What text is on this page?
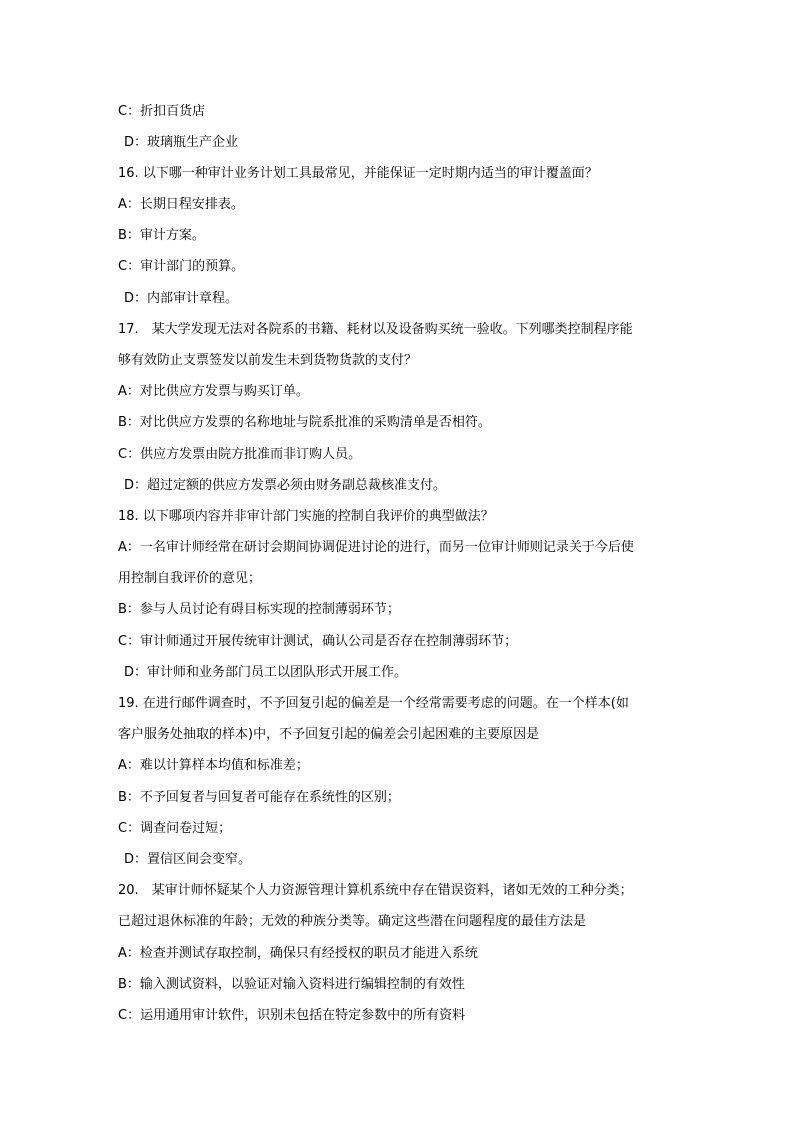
C：折扣百货店
D：玻璃瓶生产企业
16. 以下哪一种审计业务计划工具最常见，并能保证一定时期内适当的审计覆盖面？
A：长期日程安排表。
B：审计方案。
C：审计部门的预算。
D：内部审计章程。
17.　某大学发现无法对各院系的书籍、耗材以及设备购买统一验收。下列哪类控制程序能
够有效防止支票签发以前发生未到货物货款的支付？
A：对比供应方发票与购买订单。
B：对比供应方发票的名称地址与院系批准的采购清单是否相符。
C：供应方发票由院方批准而非订购人员。
D：超过定额的供应方发票必须由财务副总裁核准支付。
18. 以下哪项内容并非审计部门实施的控制自我评价的典型做法？
A：一名审计师经常在研讨会期间协调促进讨论的进行，而另一位审计师则记录关于今后使
用控制自我评价的意见；
B：参与人员讨论有碍目标实现的控制薄弱环节；
C：审计师通过开展传统审计测试，确认公司是否存在控制薄弱环节；
D：审计师和业务部门员工以团队形式开展工作。
19. 在进行邮件调查时，不予回复引起的偏差是一个经常需要考虑的问题。在一个样本(如
客户服务处抽取的样本)中，不予回复引起的偏差会引起困难的主要原因是
A：难以计算样本均值和标准差；
B：不予回复者与回复者可能存在系统性的区别；
C：调查问卷过短；
D：置信区间会变窄。
20.　某审计师怀疑某个人力资源管理计算机系统中存在错误资料，诸如无效的工种分类；
已超过退休标准的年龄；无效的种族分类等。确定这些潜在问题程度的最佳方法是
A：检查并测试存取控制，确保只有经授权的职员才能进入系统
B：输入测试资料，以验证对输入资料进行编辑控制的有效性
C：运用通用审计软件，识别未包括在特定参数中的所有资料
